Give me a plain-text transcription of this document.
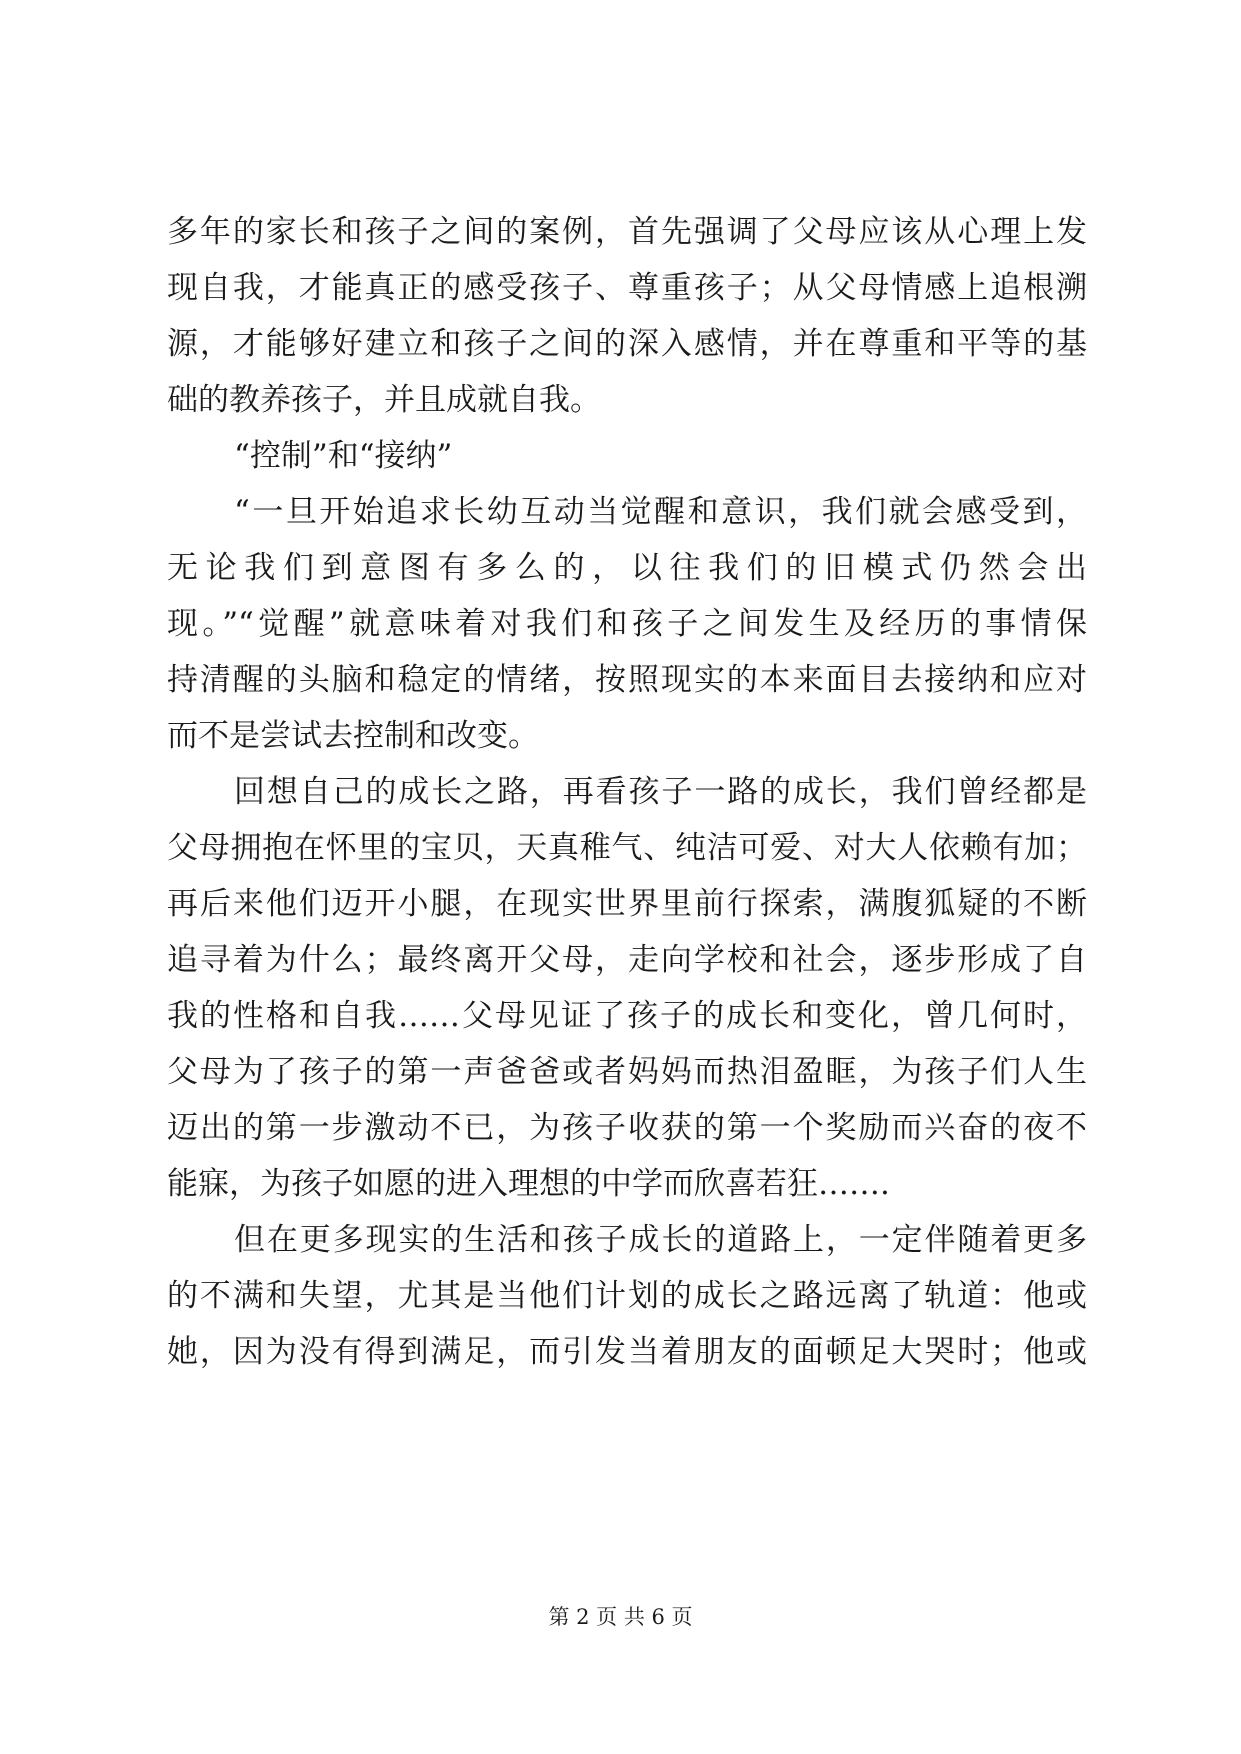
多年的家长和孩子之间的案例，首先强调了父母应该从心理上发
现自我，才能真正的感受孩子、尊重孩子；从父母情感上追根溯
源，才能够好建立和孩子之间的深入感情，并在尊重和平等的基
础的教养孩子，并且成就自我。
“控制”和“接纳”
“一旦开始追求长幼互动当觉醒和意识，我们就会感受到，
无论我们到意图有多么的，以往我们的旧模式仍然会出
现。”“觉醒”就意味着对我们和孩子之间发生及经历的事情保
持清醒的头脑和稳定的情绪，按照现实的本来面目去接纳和应对
而不是尝试去控制和改变。
回想自己的成长之路，再看孩子一路的成长，我们曾经都是
父母拥抱在怀里的宝贝，天真稚气、纯洁可爱、对大人依赖有加；
再后来他们迈开小腿，在现实世界里前行探索，满腹狐疑的不断
追寻着为什么；最终离开父母，走向学校和社会，逐步形成了自
我的性格和自我……父母见证了孩子的成长和变化，曾几何时，
父母为了孩子的第一声爸爸或者妈妈而热泪盈眶，为孩子们人生
迈出的第一步激动不已，为孩子收获的第一个奖励而兴奋的夜不
能寐，为孩子如愿的进入理想的中学而欣喜若狂…….
但在更多现实的生活和孩子成长的道路上，一定伴随着更多
的不满和失望，尤其是当他们计划的成长之路远离了轨道：他或
她，因为没有得到满足，而引发当着朋友的面顿足大哭时；他或
第 2 页 共 6 页
